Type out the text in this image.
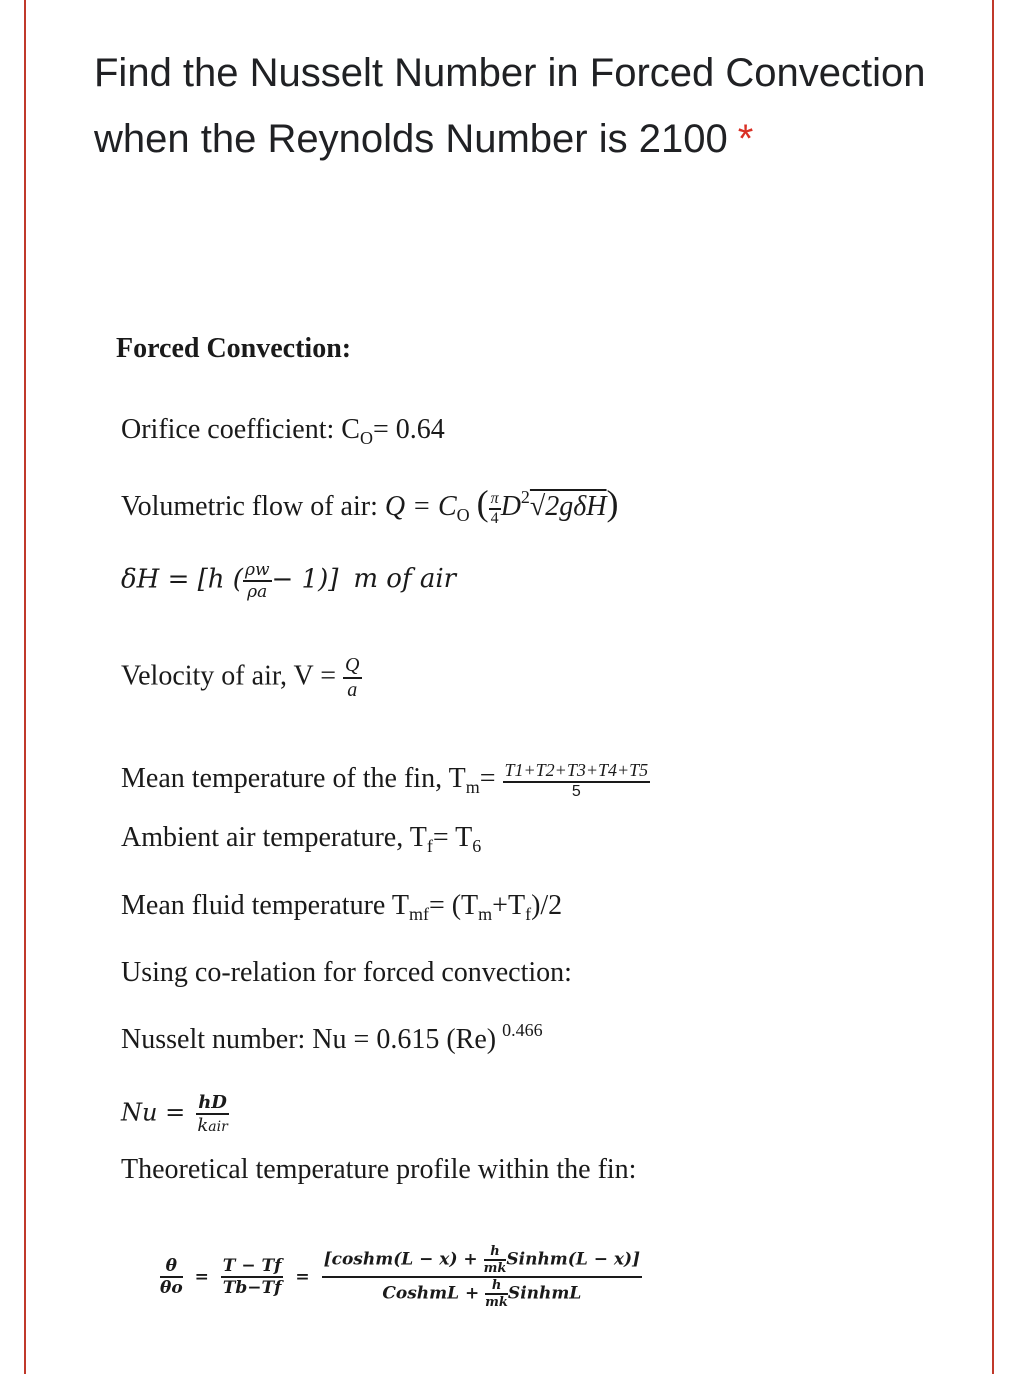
Find the Nusselt Number in Forced Convection when the Reynolds Number is 2100 *
Forced Convection:
Orifice coefficient: $C_O= 0.64$
Volumetric flow of air: $Q = C_O$ ( $\frac{\pi}{4} D^2√2g\delta H$)
δH = [h ( $\frac{\rho w}{\rho a} - 1$)] m of air
Velocity of air, $V = \frac{Q}{a}$
Mean temperature of the fin, $T_m= \frac{T1+T2+T3+T4+T5}{5}$
Ambient air temperature, $T_f= T_6$
Mean fluid temperature $T_{mf}= (T_m+T_f)/2$
Using co-relation for forced convection:
Nusselt number: Nu = 0.615 (Re) $^{0.466}$
$Nu = \frac{hD}{\text{kair}}$
Theoretical temperature profile within the fin:
$\frac{\theta}{\theta o} = \frac{T - Tf}{Tb-Tf} = \frac{[\cosh m(L - x) + \frac{h}{mk} Sinhm(L - x)]}{CoshmL + \frac{h}{mk} SinhmL}$
